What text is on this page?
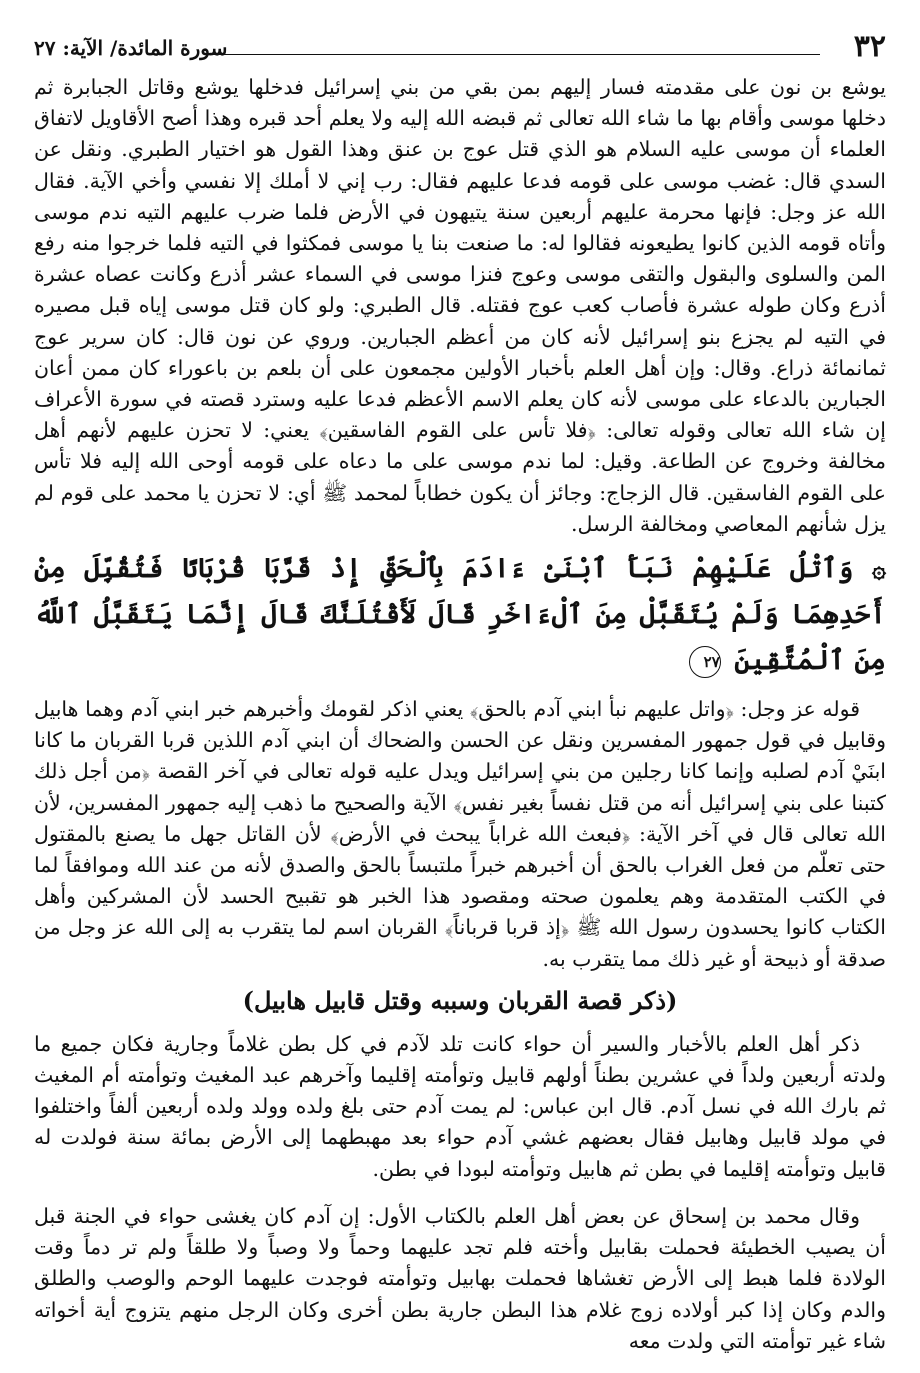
٣٢
سورة المائدة/ الآية: ٢٧

يوشع بن نون على مقدمته فسار إليهم بمن بقي من بني إسرائيل فدخلها يوشع وقاتل الجبابرة ثم دخلها موسى وأقام بها ما شاء الله تعالى ثم قبضه الله إليه ولا يعلم أحد قبره وهذا أصح الأقاويل لاتفاق العلماء أن موسى عليه السلام هو الذي قتل عوج بن عنق وهذا القول هو اختيار الطبري. ونقل عن السدي قال: غضب موسى على قومه فدعا عليهم فقال: رب إني لا أملك إلا نفسي وأخي الآية. فقال الله عز وجل: فإنها محرمة عليهم أربعين سنة يتيهون في الأرض فلما ضرب عليهم التيه ندم موسى وأتاه قومه الذين كانوا يطيعونه فقالوا له: ما صنعت بنا يا موسى فمكثوا في التيه فلما خرجوا منه رفع المن والسلوى والبقول والتقى موسى وعوج فنزا موسى في السماء عشر أذرع وكانت عصاه عشرة أذرع وكان طوله عشرة فأصاب كعب عوج فقتله. قال الطبري: ولو كان قتل موسى إياه قبل مصيره في التيه لم يجزع بنو إسرائيل لأنه كان من أعظم الجبارين. وروي عن نون قال: كان سرير عوج ثمانمائة ذراع. وقال: وإن أهل العلم بأخبار الأولين مجمعون على أن بلعم بن باعوراء كان ممن أعان الجبارين بالدعاء على موسى لأنه كان يعلم الاسم الأعظم فدعا عليه وسترد قصته في سورة الأعراف إن شاء الله تعالى وقوله تعالى: ﴿فلا تأس على القوم الفاسقين﴾ يعني: لا تحزن عليهم لأنهم أهل مخالفة وخروج عن الطاعة. وقيل: لما ندم موسى على ما دعاه على قومه أوحى الله إليه فلا تأس على القوم الفاسقين. قال الزجاج: وجائز أن يكون خطاباً لمحمد ﷺ أي: لا تحزن يا محمد على قوم لم يزل شأنهم المعاصي ومخالفة الرسل.

۞ وَٱتْلُ عَلَيْهِمْ نَبَأَ ٱبْنَىْ ءَادَمَ بِٱلْحَقِّ إِذْ قَرَّبَا قُرْبَانًا فَتُقُبِّلَ مِنْ أَحَدِهِمَا وَلَمْ يُتَقَبَّلْ مِنَ ٱلْءَاخَرِ قَالَ لَأَقْتُلَنَّكَ قَالَ إِنَّمَا يَتَقَبَّلُ ٱللَّهُ مِنَ ٱلْمُتَّقِينَ ٢٧

قوله عز وجل: ﴿واتل عليهم نبأ ابني آدم بالحق﴾ يعني اذكر لقومك وأخبرهم خبر ابني آدم وهما هابيل وقابيل في قول جمهور المفسرين ونقل عن الحسن والضحاك أن ابني آدم اللذين قربا القربان ما كانا ابنَيْ آدم لصلبه وإنما كانا رجلين من بني إسرائيل ويدل عليه قوله تعالى في آخر القصة ﴿من أجل ذلك كتبنا على بني إسرائيل أنه من قتل نفساً بغير نفس﴾ الآية والصحيح ما ذهب إليه جمهور المفسرين، لأن الله تعالى قال في آخر الآية: ﴿فبعث الله غراباً يبحث في الأرض﴾ لأن القاتل جهل ما يصنع بالمقتول حتى تعلّم من فعل الغراب بالحق أن أخبرهم خبراً ملتبساً بالحق والصدق لأنه من عند الله وموافقاً لما في الكتب المتقدمة وهم يعلمون صحته ومقصود هذا الخبر هو تقبيح الحسد لأن المشركين وأهل الكتاب كانوا يحسدون رسول الله ﷺ ﴿إذ قربا قرباناً﴾ القربان اسم لما يتقرب به إلى الله عز وجل من صدقة أو ذبيحة أو غير ذلك مما يتقرب به.

(ذكر قصة القربان وسببه وقتل قابيل هابيل)

ذكر أهل العلم بالأخبار والسير أن حواء كانت تلد لآدم في كل بطن غلاماً وجارية فكان جميع ما ولدته أربعين ولداً في عشرين بطناً أولهم قابيل وتوأمته إقليما وآخرهم عبد المغيث وتوأمته أم المغيث ثم بارك الله في نسل آدم. قال ابن عباس: لم يمت آدم حتى بلغ ولده وولد ولده أربعين ألفاً واختلفوا في مولد قابيل وهابيل فقال بعضهم غشي آدم حواء بعد مهبطهما إلى الأرض بمائة سنة فولدت له قابيل وتوأمته إقليما في بطن ثم هابيل وتوأمته لبودا في بطن.

وقال محمد بن إسحاق عن بعض أهل العلم بالكتاب الأول: إن آدم كان يغشى حواء في الجنة قبل أن يصيب الخطيئة فحملت بقابيل وأخته فلم تجد عليهما وحماً ولا وصباً ولا طلقاً ولم تر دماً وقت الولادة فلما هبط إلى الأرض تغشاها فحملت بهابيل وتوأمته فوجدت عليهما الوحم والوصب والطلق والدم وكان إذا كبر أولاده زوج غلام هذا البطن جارية بطن أخرى وكان الرجل منهم يتزوج أية أخواته شاء غير توأمته التي ولدت معه
